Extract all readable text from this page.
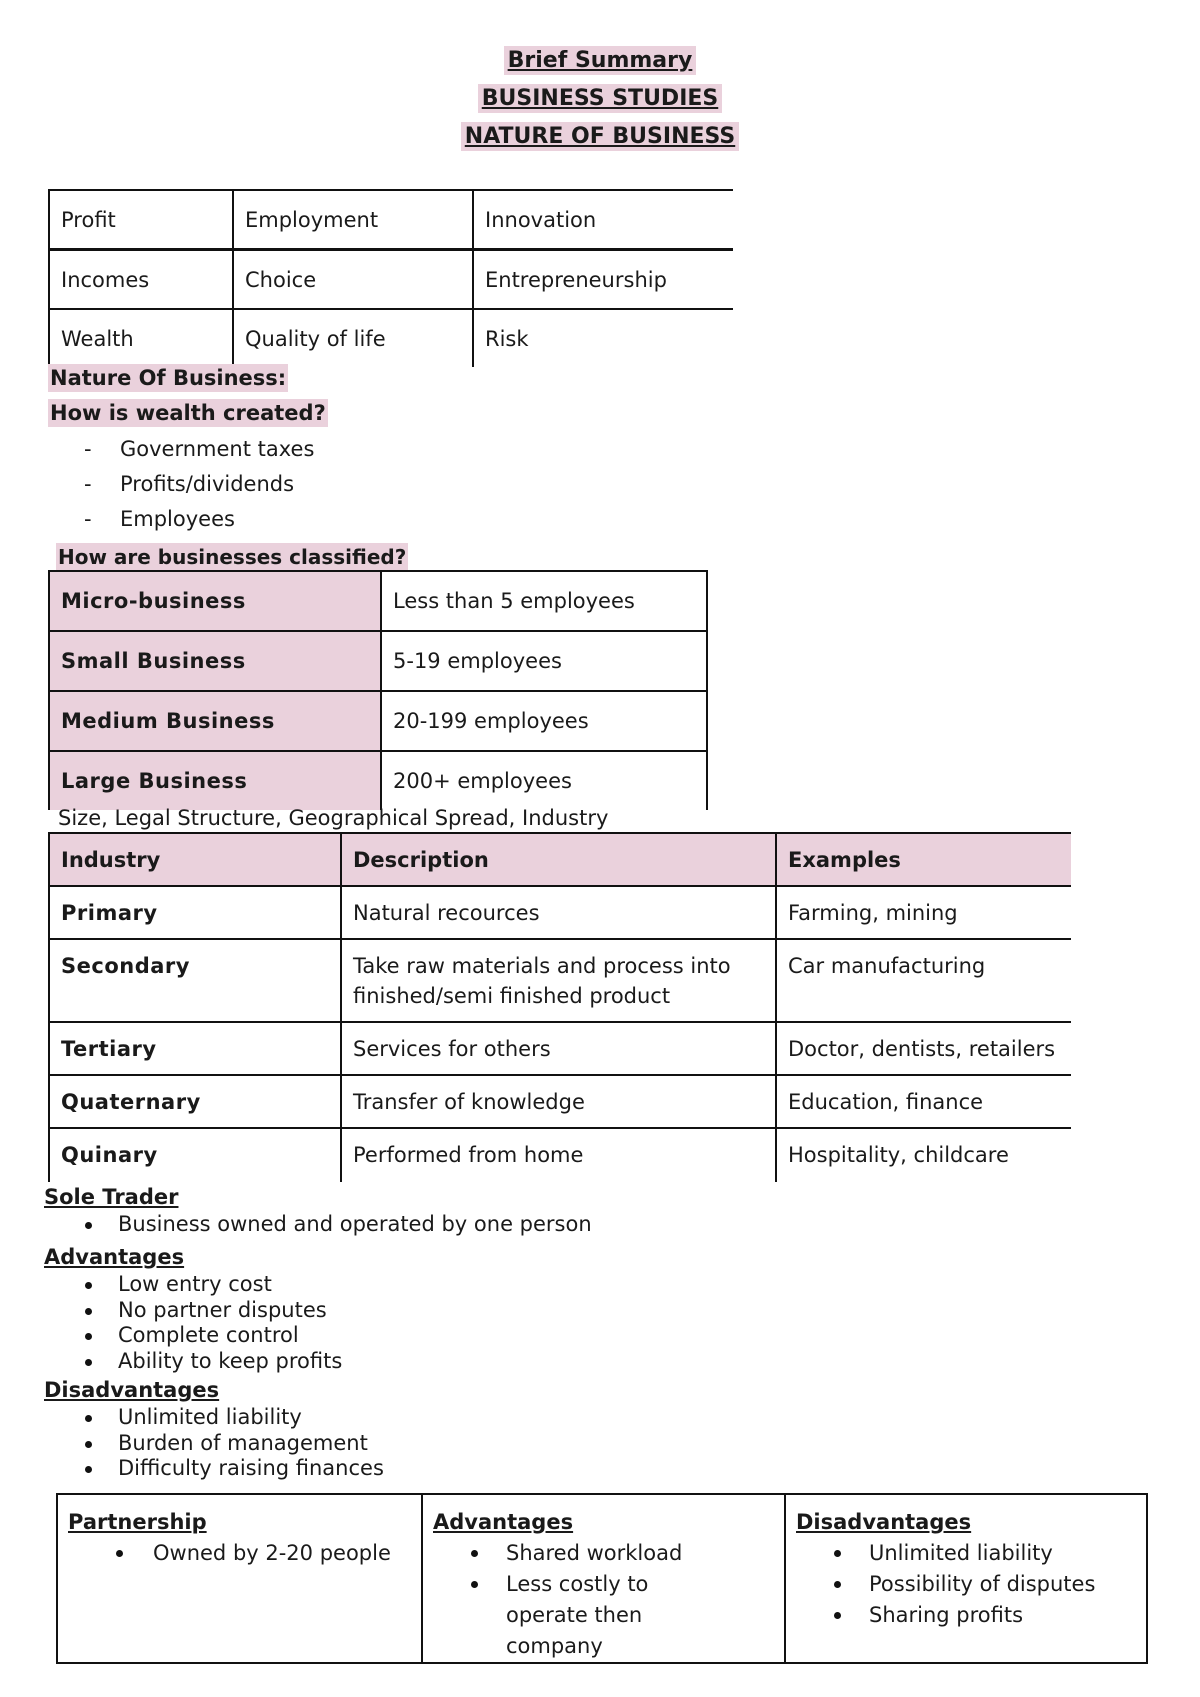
Brief Summary
BUSINESS STUDIES
NATURE OF BUSINESS
Profit	Employment	Innovation
Incomes	Choice	Entrepreneurship
Wealth	Quality of life	Risk
Nature Of Business:
How is wealth created?
- Government taxes
- Profits/dividends
- Employees
How are businesses classified?
Micro-business	Less than 5 employees
Small Business	5-19 employees
Medium Business	20-199 employees
Large Business	200+ employees
Size, Legal Structure, Geographical Spread, Industry
Industry	Description	Examples
Primary	Natural recources	Farming, mining
Secondary	Take raw materials and process into finished/semi finished product	Car manufacturing
Tertiary	Services for others	Doctor, dentists, retailers
Quaternary	Transfer of knowledge	Education, finance
Quinary	Performed from home	Hospitality, childcare
Sole Trader
Business owned and operated by one person
Advantages
Low entry cost
No partner disputes
Complete control
Ability to keep profits
Disadvantages
Unlimited liability
Burden of management
Difficulty raising finances
Partnership
Owned by 2-20 people

Advantages
Shared workload
Less costly to operate then company

Disadvantages
Unlimited liability
Possibility of disputes
Sharing profits
